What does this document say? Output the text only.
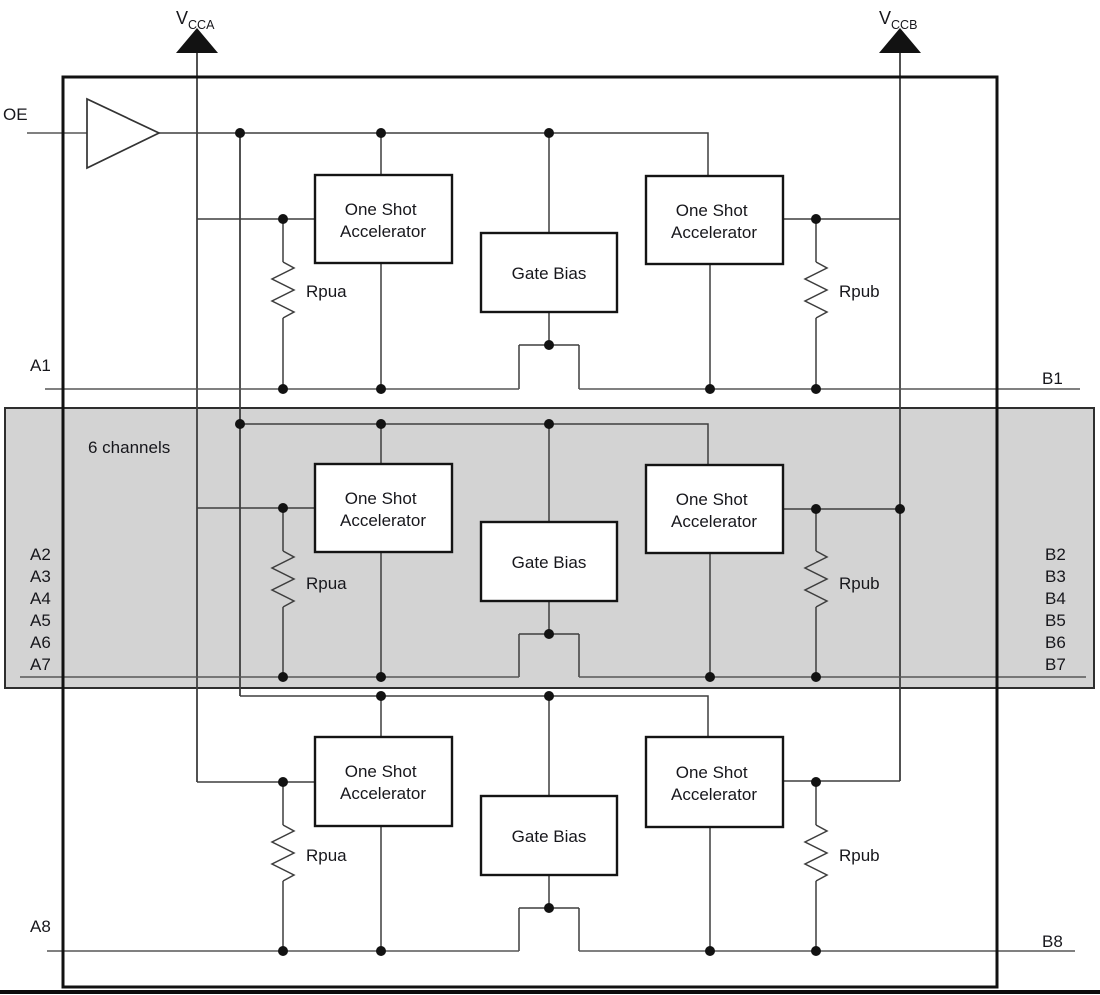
One Shot Accelerator
One Shot Accelerator
Gate Bias
Rpua	Rpub
A1
B1
One Shot Accelerator
One Shot Accelerator
Gate Bias
Rpua	Rpub
6 channels
A2
A3
A4
A5
A6
A7
B2
B3
B4
B5
B6
B7
One Shot Accelerator
One Shot Accelerator
Gate Bias
Rpua	Rpub
A8
B8
$V_{CCA}$	$V_{CCB}$
OE
